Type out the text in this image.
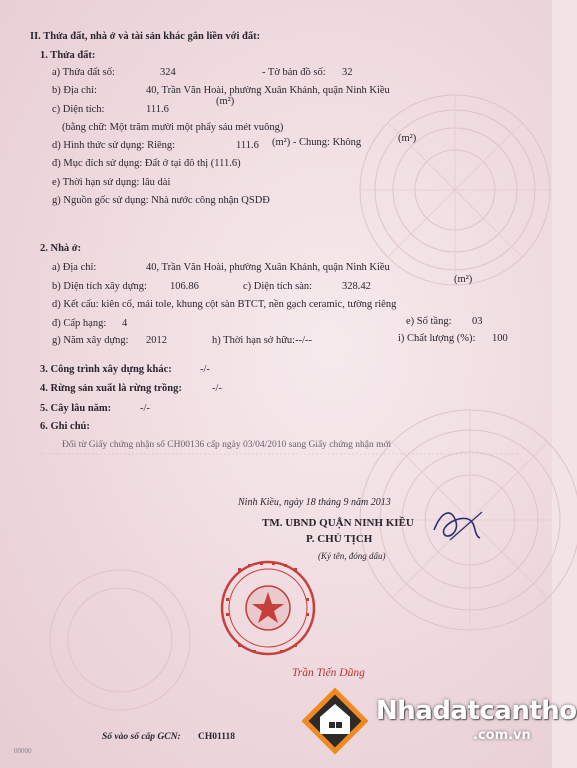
II. Thửa đất, nhà ở và tài sản khác gắn liền với đất:
1. Thửa đất:
a) Thửa đất số:	324	- Tờ bản đồ số: 32
b) Địa chỉ:	40, Trần Văn Hoài, phường Xuân Khánh, quận Ninh Kiều
c) Diện tích:	111.6
(m²)
(bằng chữ: Một trăm mười một phẩy sáu mét vuông)
d) Hình thức sử dụng: Riêng:	111.6 (m²) - Chung: Không	(m²)
đ) Mục đích sử dụng: Đất ở tại đô thị (111.6)
e) Thời hạn sử dụng: lâu dài
g) Nguồn gốc sử dụng: Nhà nước công nhận QSDĐ
2. Nhà ở:
a) Địa chỉ:	40, Trần Văn Hoài, phường Xuân Khánh, quận Ninh Kiều
b) Diện tích xây dựng: 106.86	c) Diện tích sàn:	328.42
(m²)
d) Kết cấu: kiên cố, mái tole, khung cột sàn BTCT, nền gạch ceramic, tường riêng
đ) Cấp hạng: 4	e) Số tầng: 03
g) Năm xây dựng: 2012	h) Thời hạn sở hữu:--/--	i) Chất lượng (%): 100
3. Công trình xây dựng khác:	-/-
4. Rừng sản xuất là rừng trồng:	-/-
5. Cây lâu năm:	-/-
6. Ghi chú:
Đổi từ Giấy chứng nhận số CH00136 cấp ngày 03/04/2010 sang Giấy chứng nhận mới
Ninh Kiều, ngày 18 tháng 9 năm 2013
TM. UBND QUẬN NINH KIỀU
P. CHỦ TỊCH
(Ký tên, đóng dấu)
Trần Tiến Dũng
00000
Số vào sổ cấp GCN: CH01118
Nhadatcantho
.com.vn
